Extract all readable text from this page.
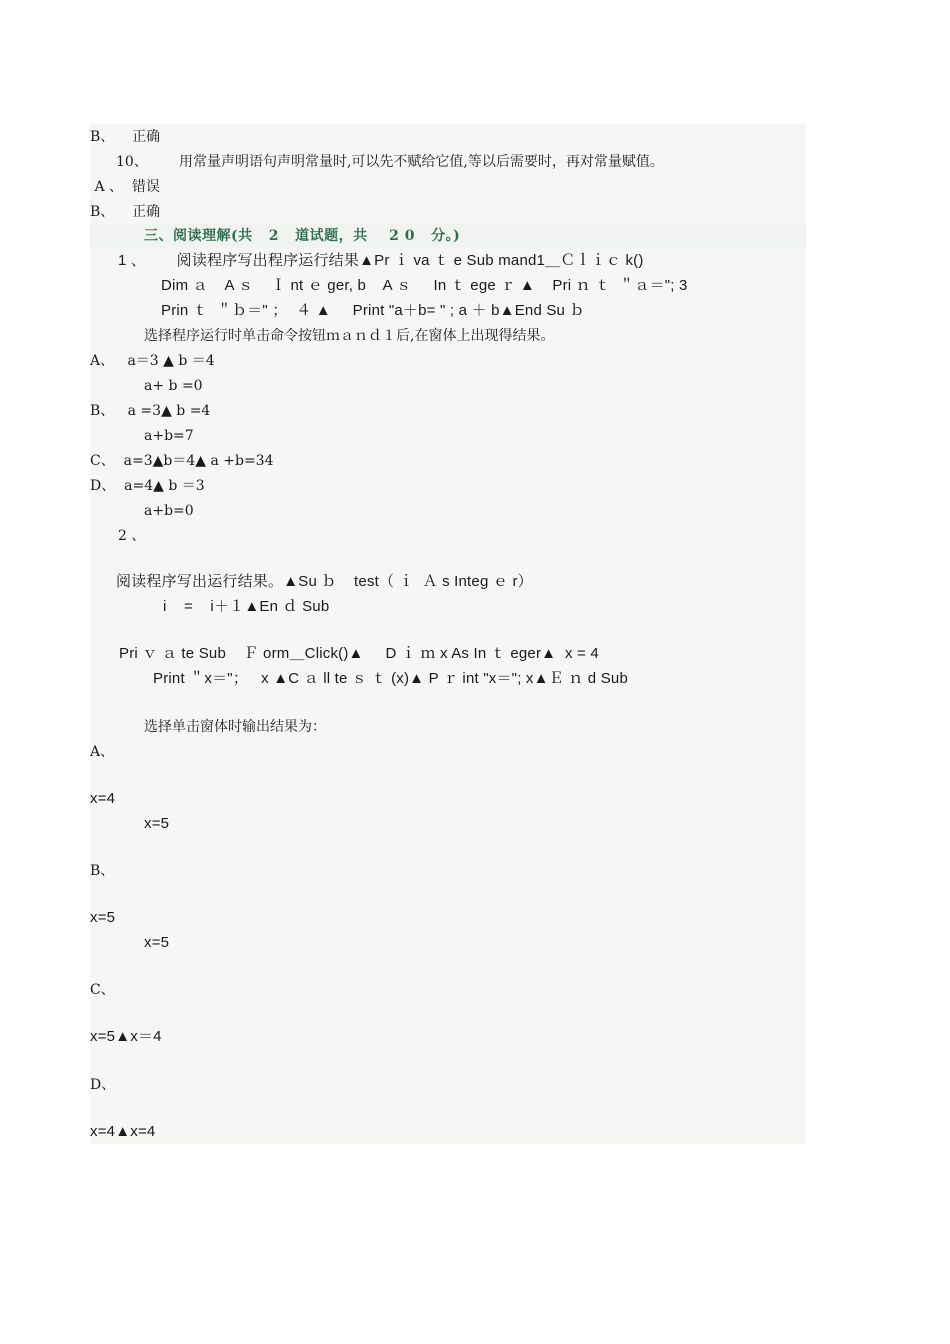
B、    正确
10、       用常量声明语句声明常量时,可以先不赋给它值,等以后需要时，再对常量赋值。
A 、  错误
B、    正确
三、阅读理解(共   2   道试题，共    2 0   分。)
1 、       阅读程序写出程序运行结果▲Pr ｉ va ｔ e Sub mand1＿Ｃｌｉｃ k()
Dim ａ    A ｓ    Ｉ nt ｅ ger, b    A ｓ     In ｔ ege ｒ ▲    Pri ｎ ｔ  ＂ａ＝"; 3
Prin ｔ  ＂ｂ＝" ；  ４ ▲     Print "a＋b= " ; a ＋ b▲End Su ｂ
选择程序运行时单击命令按钮ｍａｎｄ１后,在窗体上出现得结果。
A、   a＝3 ▲ b ＝4
a+ b =0
B、   a =3▲ b =4
a+b=7
C、  a=3▲b＝4▲ a +b=34
D、  a=4▲ b ＝3
a+b=0
2 、
阅读程序写出运行结果。▲Su ｂ    test（ ｉ  Ａ s Integ ｅ r）
i    =    i＋１▲En ｄ Sub
Pri ｖ ａ te Sub    Ｆ orm＿Click()▲     D ｉ ｍ x As In ｔ eger▲  x = 4
Print ＂x＝"；   x ▲C ａ ll te ｓ ｔ (x)▲ P ｒ int "x＝"; x▲Ｅ ｎ d Sub
选择单击窗体时输出结果为：
A、
x=4
x=5
B、
x=5
x=5
C、
x=5▲x＝4
D、
x=4▲x=4
